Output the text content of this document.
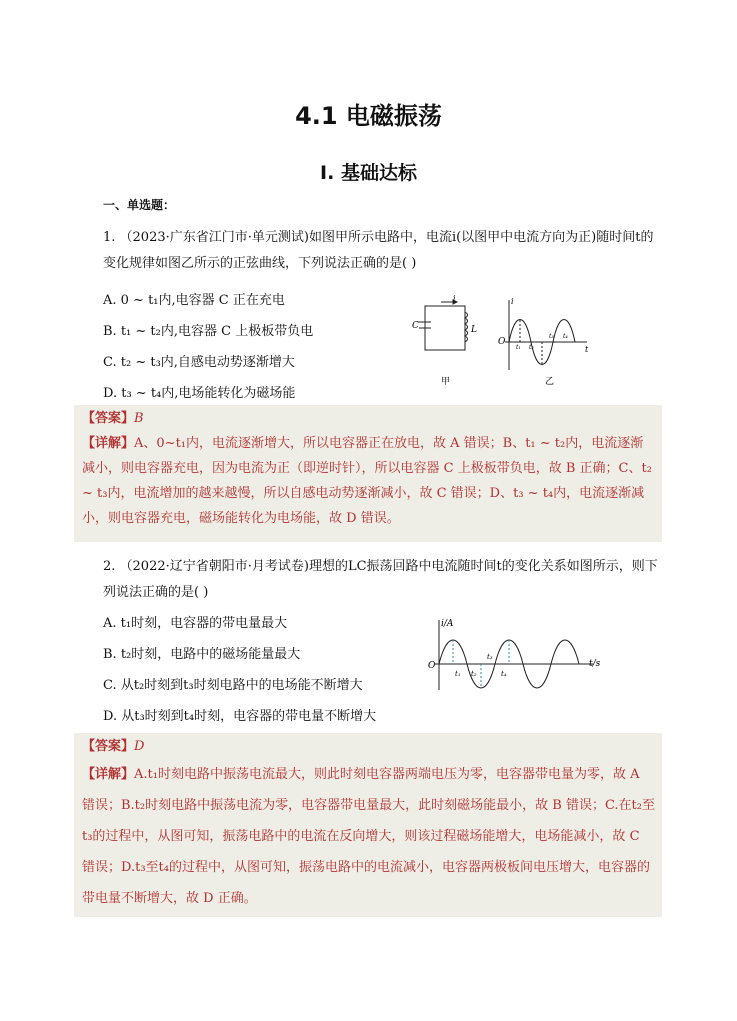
4.1 电磁振荡
Ⅰ. 基础达标
一、单选题：
1. （2023·广东省江门市·单元测试)如图甲所示电路中，电流i(以图甲中电流方向为正)随时间t的变化规律如图乙所示的正弦曲线，下列说法正确的是( )
A. 0 ~ t₁内,电容器 C 正在充电
B. t₁ ~ t₂内,电容器 C 上极板带负电
C. t₂ ~ t₃内,自感电动势逐渐增大
D. t₃ ~ t₄内,电场能转化为磁场能
C	L
i
甲
i
O
t
t₁ t₂
t₃ t₄
乙
【答案】B
【详解】A、0~t₁内，电流逐渐增大，所以电容器正在放电，故 A 错误；B、t₁ ~ t₂内，电流逐渐减小，则电容器充电，因为电流为正（即逆时针），所以电容器 C 上极板带负电，故 B 正确；C、t₂ ~ t₃内，电流增加的越来越慢，所以自感电动势逐渐减小，故 C 错误；D、t₃ ~ t₄内，电流逐渐减小，则电容器充电，磁场能转化为电场能，故 D 错误。
2. （2022·辽宁省朝阳市·月考试卷)理想的LC振荡回路中电流随时间t的变化关系如图所示，则下列说法正确的是( )
A. t₁时刻，电容器的带电量最大
B. t₂时刻，电路中的磁场能量最大
C. 从t₂时刻到t₃时刻电路中的电场能不断增大
D. 从t₃时刻到t₄时刻，电容器的带电量不断增大
i/A
O	t/s
t₁ t₂
t₃
t₄
【答案】D
【详解】A.t₁时刻电路中振荡电流最大，则此时刻电容器两端电压为零，电容器带电量为零，故 A 错误；B.t₂时刻电路中振荡电流为零，电容器带电量最大，此时刻磁场能最小，故 B 错误；C.在t₂至t₃的过程中，从图可知，振荡电路中的电流在反向增大，则该过程磁场能增大，电场能减小，故 C 错误；D.t₃至t₄的过程中，从图可知，振荡电路中的电流减小，电容器两极板间电压增大，电容器的带电量不断增大，故 D 正确。
